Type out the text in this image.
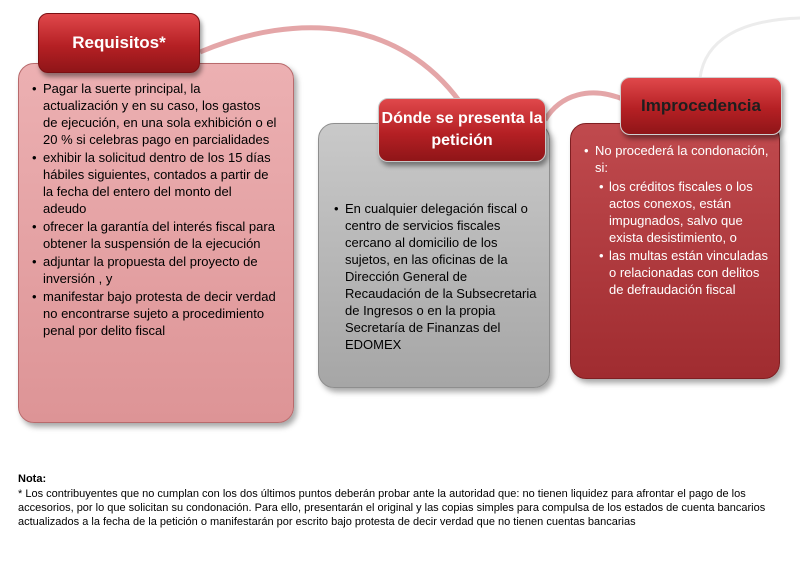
Requisitos*
Dónde se presenta la petición
Improcedencia
• Pagar la suerte principal, la actualización y en su caso, los gastos de ejecución, en una sola exhibición o el 20 % si celebras pago en parcialidades
• exhibir la solicitud dentro de los 15 días hábiles siguientes, contados a partir de la fecha del entero del monto del adeudo
• ofrecer la garantía del interés fiscal para obtener la suspensión de la ejecución
• adjuntar la propuesta del proyecto de inversión , y
• manifestar bajo protesta de decir verdad no encontrarse sujeto a procedimiento penal por delito fiscal
• En cualquier delegación fiscal o centro de servicios fiscales cercano al domicilio de los sujetos, en las oficinas de la Dirección General de Recaudación de la Subsecretaria de Ingresos o en la propia Secretaría de Finanzas del EDOMEX
• No procederá la condonación, si:
• los créditos fiscales o los actos conexos, están impugnados, salvo que exista desistimiento, o
• las multas están vinculadas o relacionadas con delitos de defraudación fiscal
Nota:
* Los contribuyentes que no cumplan con los dos últimos puntos deberán probar ante la autoridad que: no tienen liquidez para afrontar el pago de los accesorios, por lo que solicitan su condonación. Para ello, presentarán el original y las copias simples para compulsa de los estados de cuenta bancarios actualizados a la fecha de la petición o manifestarán por escrito bajo protesta de decir verdad que no tienen cuentas bancarias
